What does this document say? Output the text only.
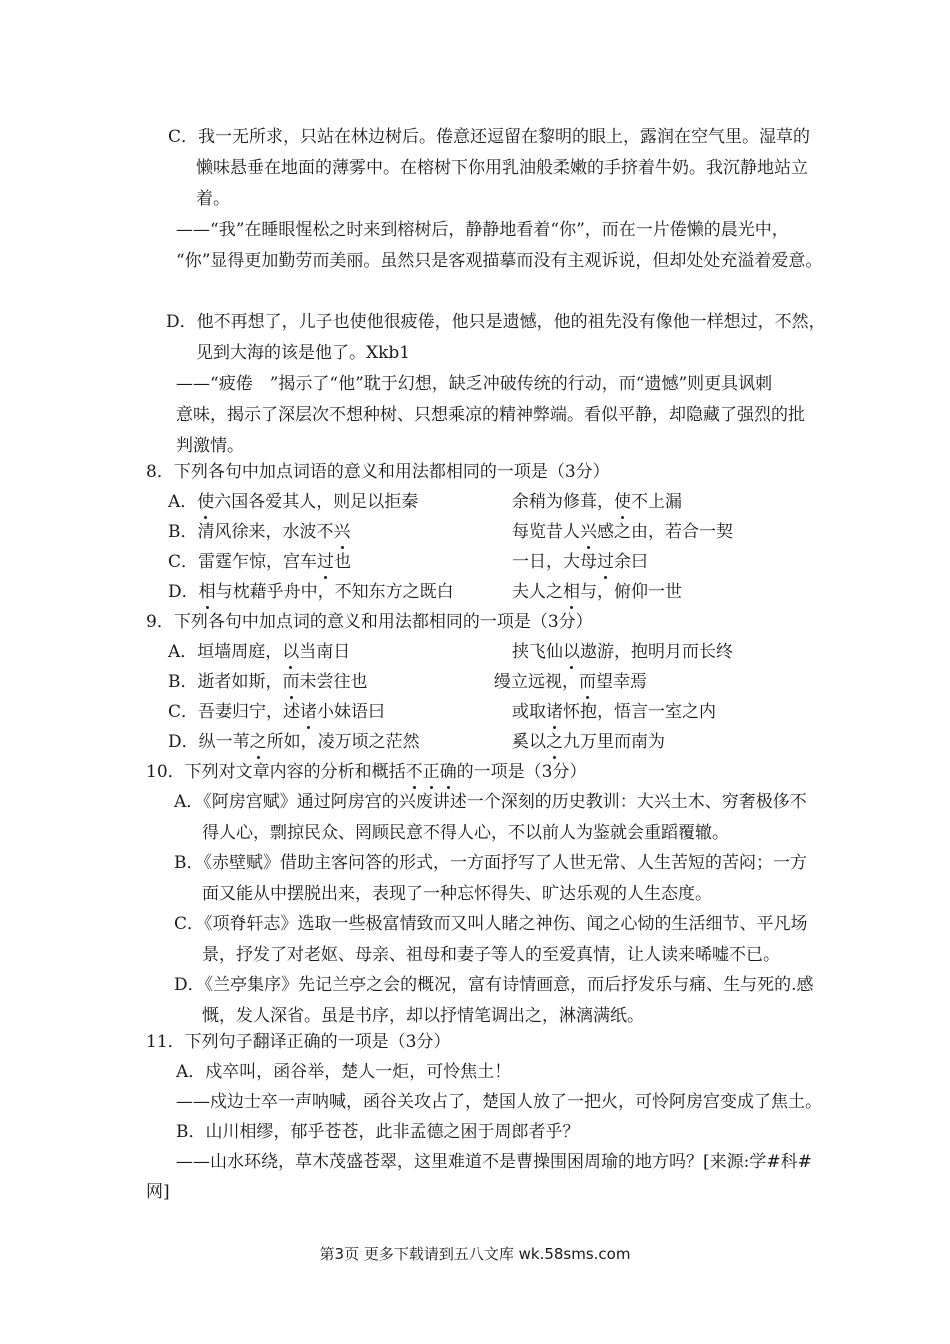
C．我一无所求，只站在林边树后。倦意还逗留在黎明的眼上，露润在空气里。湿草的
懒味悬垂在地面的薄雾中。在榕树下你用乳油般柔嫩的手挤着牛奶。我沉静地站立
着。
——“我”在睡眼惺松之时来到榕树后，静静地看着“你”，而在一片倦懒的晨光中，
“你”显得更加勤劳而美丽。虽然只是客观描摹而没有主观诉说，但却处处充溢着爱意。
D．他不再想了，儿子也使他很疲倦，他只是遗憾，他的祖先没有像他一样想过，不然，
见到大海的该是他了。Xkb1
——“疲倦　”揭示了“他”耽于幻想，缺乏冲破传统的行动，而“遗憾”则更具讽刺
意味，揭示了深层次不想种树、只想乘凉的精神弊端。看似平静，却隐藏了强烈的批
判激情。
8．下列各句中加点词语的意义和用法都相同的一项是（3分）
A．使六国各爱其人，则足以拒秦	余稍为修葺，使不上漏
B．清风徐来，水波不兴	每览昔人兴感之由，若合一契
C．雷霆乍惊，宫车过也	一日，大母过余曰
D．相与枕藉乎舟中，不知东方之既白	夫人之相与，俯仰一世
9．下列各句中加点词的意义和用法都相同的一项是（3分）
A．垣墙周庭，以当南日	挟飞仙以遨游，抱明月而长终
B．逝者如斯，而未尝往也	缦立远视，而望幸焉
C．吾妻归宁，述诸小妹语曰	或取诸怀抱，悟言一室之内
D．纵一苇之所如，凌万顷之茫然	奚以之九万里而南为
10．下列对文章内容的分析和概括不正确的一项是（3分）
A．《阿房宫赋》通过阿房宫的兴废讲述一个深刻的历史教训：大兴土木、穷奢极侈不
得人心，剽掠民众、罔顾民意不得人心，不以前人为鉴就会重蹈覆辙。
B．《赤壁赋》借助主客问答的形式，一方面抒写了人世无常、人生苦短的苦闷；一方
面又能从中摆脱出来，表现了一种忘怀得失、旷达乐观的人生态度。
C．《项脊轩志》选取一些极富情致而又叫人睹之神伤、闻之心恸的生活细节、平凡场
景，抒发了对老妪、母亲、祖母和妻子等人的至爱真情，让人读来唏嘘不已。
D．《兰亭集序》先记兰亭之会的概况，富有诗情画意，而后抒发乐与痛、生与死的.感
慨，发人深省。虽是书序，却以抒情笔调出之，淋漓满纸。
11．下列句子翻译正确的一项是（3分）
A．戍卒叫，函谷举，楚人一炬，可怜焦土！
——戍边士卒一声呐喊，函谷关攻占了，楚国人放了一把火，可怜阿房宫变成了焦土。
B．山川相缪，郁乎苍苍，此非孟德之困于周郎者乎？
——山水环绕，草木茂盛苍翠，这里难道不是曹操围困周瑜的地方吗？[来源:学#科#
网]
第3页 更多下载请到五八文库 wk.58sms.com
